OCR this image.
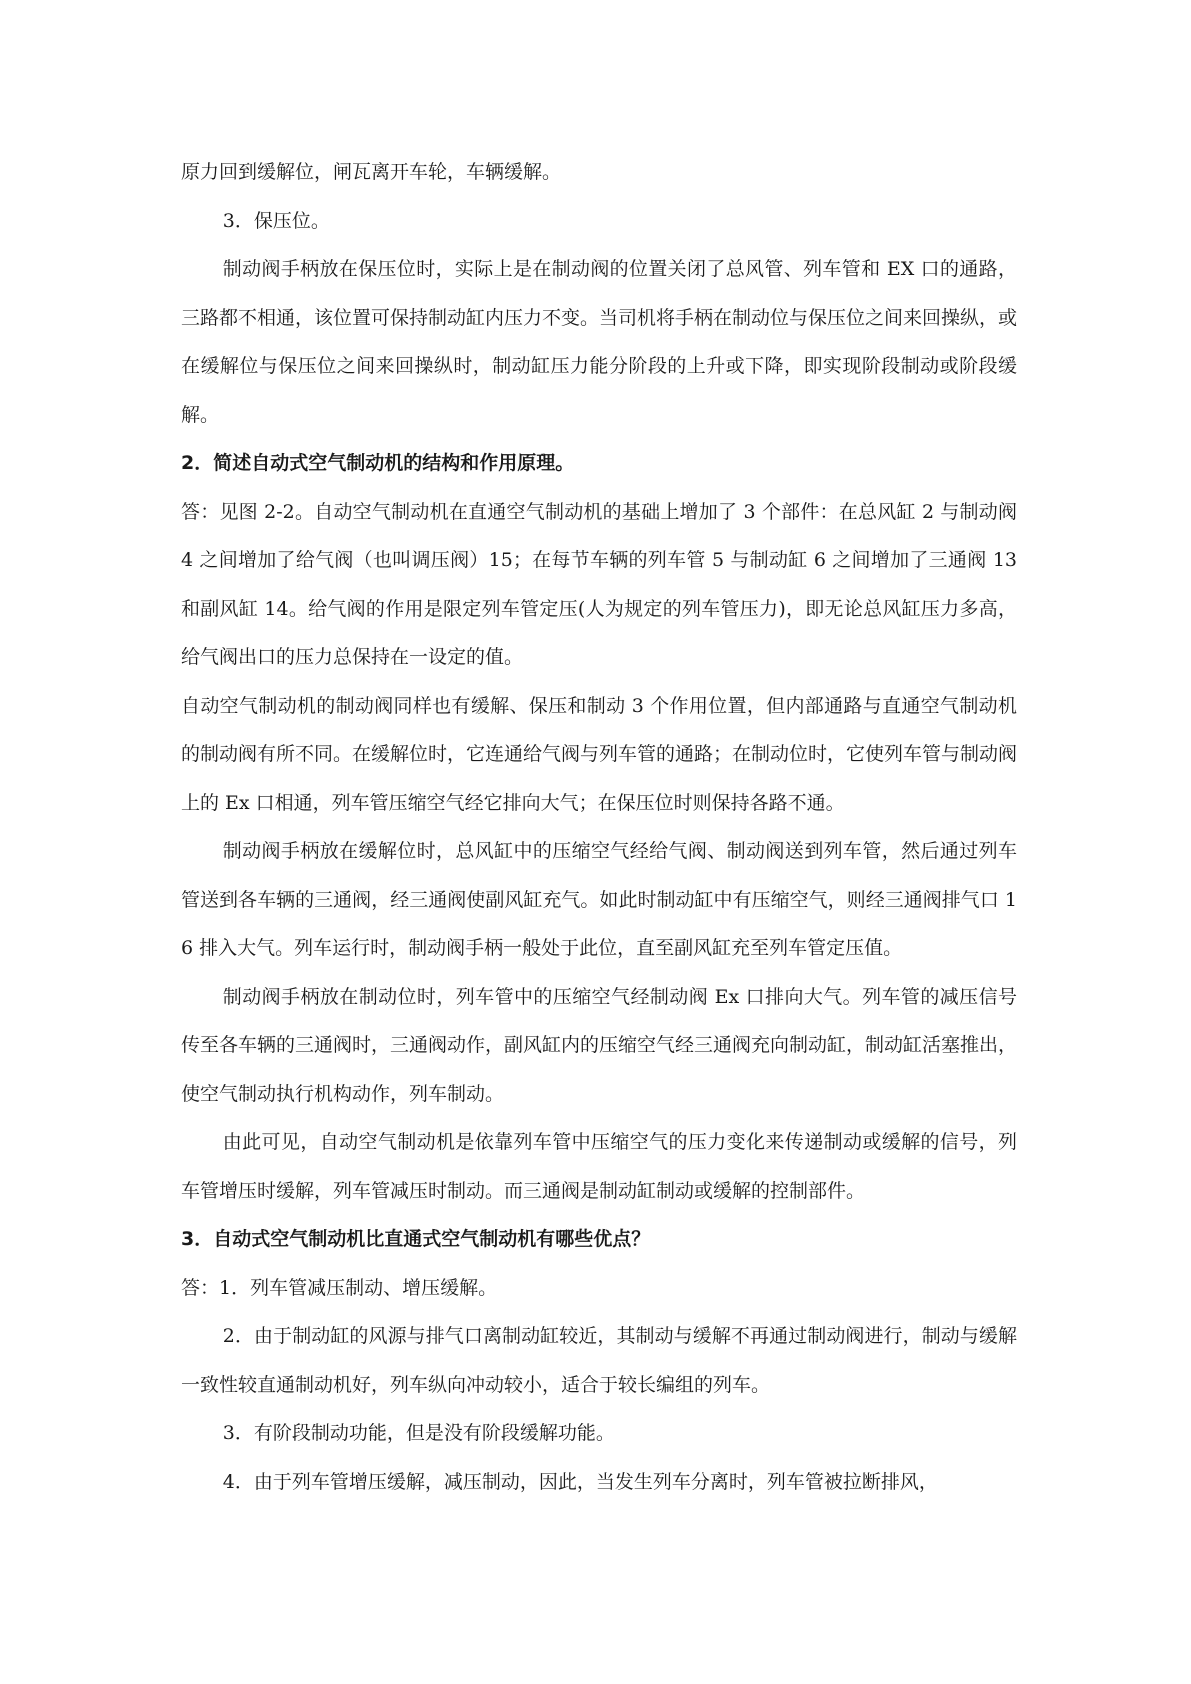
原力回到缓解位，闸瓦离开车轮，车辆缓解。

3．保压位。

制动阀手柄放在保压位时，实际上是在制动阀的位置关闭了总风管、列车管和 EX 口的通路，三路都不相通，该位置可保持制动缸内压力不变。当司机将手柄在制动位与保压位之间来回操纵，或在缓解位与保压位之间来回操纵时，制动缸压力能分阶段的上升或下降，即实现阶段制动或阶段缓解。

2．简述自动式空气制动机的结构和作用原理。

答：见图 2-2。自动空气制动机在直通空气制动机的基础上增加了 3 个部件：在总风缸 2 与制动阀 4 之间增加了给气阀（也叫调压阀）15；在每节车辆的列车管 5 与制动缸 6 之间增加了三通阀 13 和副风缸 14。给气阀的作用是限定列车管定压(人为规定的列车管压力)，即无论总风缸压力多高，给气阀出口的压力总保持在一设定的值。

自动空气制动机的制动阀同样也有缓解、保压和制动 3 个作用位置，但内部通路与直通空气制动机的制动阀有所不同。在缓解位时，它连通给气阀与列车管的通路；在制动位时，它使列车管与制动阀上的 Ex 口相通，列车管压缩空气经它排向大气；在保压位时则保持各路不通。

制动阀手柄放在缓解位时，总风缸中的压缩空气经给气阀、制动阀送到列车管，然后通过列车管送到各车辆的三通阀，经三通阀使副风缸充气。如此时制动缸中有压缩空气，则经三通阀排气口 16 排入大气。列车运行时，制动阀手柄一般处于此位，直至副风缸充至列车管定压值。

制动阀手柄放在制动位时，列车管中的压缩空气经制动阀 Ex 口排向大气。列车管的减压信号传至各车辆的三通阀时，三通阀动作，副风缸内的压缩空气经三通阀充向制动缸，制动缸活塞推出，使空气制动执行机构动作，列车制动。

由此可见，自动空气制动机是依靠列车管中压缩空气的压力变化来传递制动或缓解的信号，列车管增压时缓解，列车管减压时制动。而三通阀是制动缸制动或缓解的控制部件。

3．自动式空气制动机比直通式空气制动机有哪些优点？

答：1．列车管减压制动、增压缓解。

2．由于制动缸的风源与排气口离制动缸较近，其制动与缓解不再通过制动阀进行，制动与缓解一致性较直通制动机好，列车纵向冲动较小，适合于较长编组的列车。

3．有阶段制动功能，但是没有阶段缓解功能。

4．由于列车管增压缓解，减压制动，因此，当发生列车分离时，列车管被拉断排风，
